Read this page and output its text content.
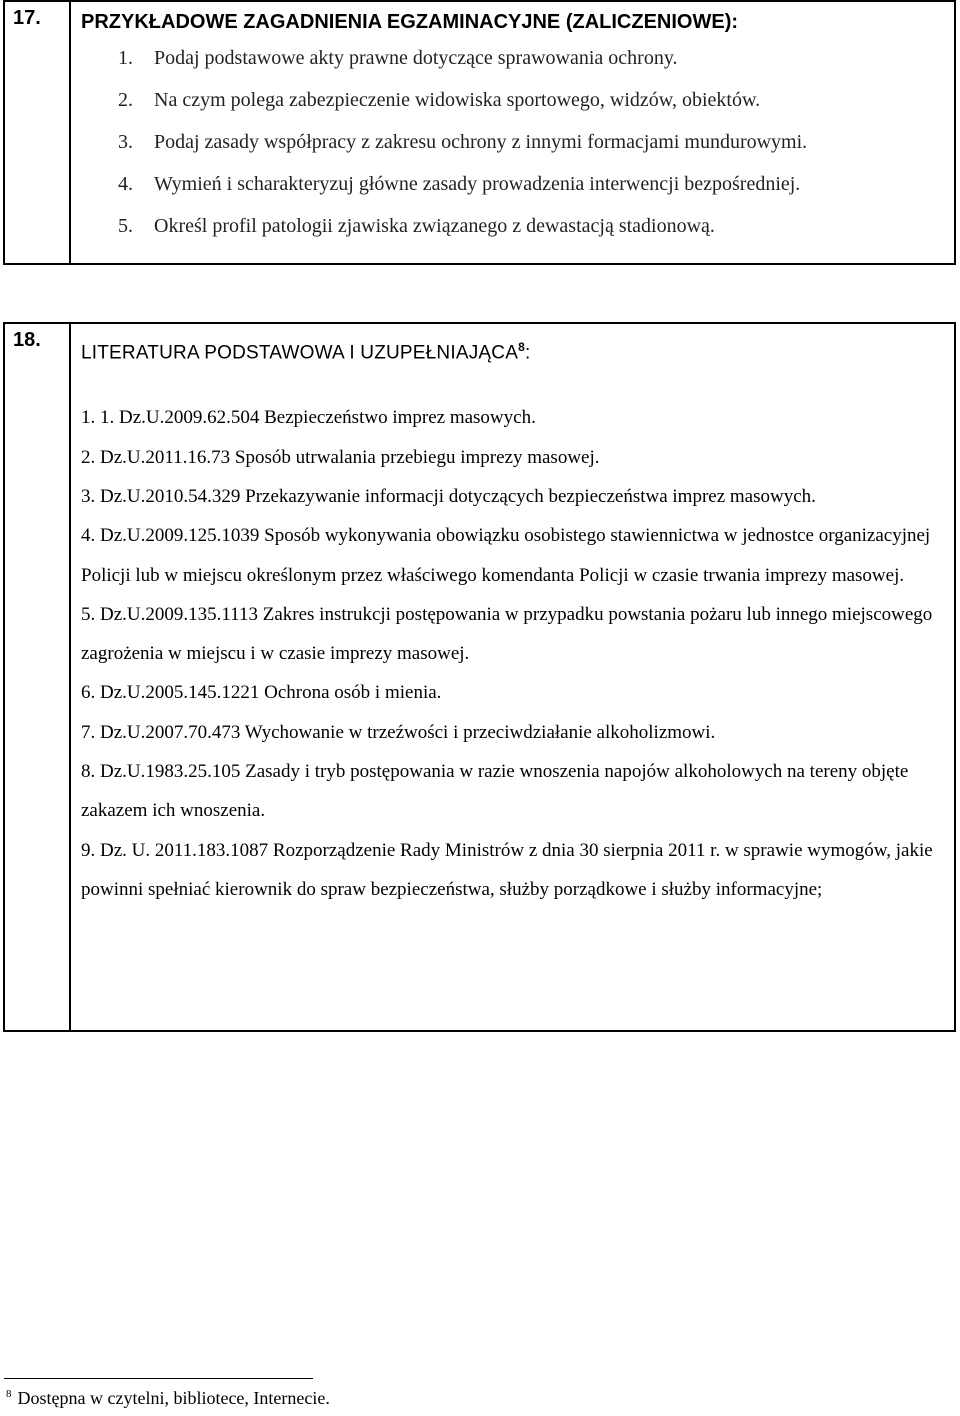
17.	PRZYKŁADOWE ZAGADNIENIA EGZAMINACYJNE (ZALICZENIOWE):
1. Podaj podstawowe akty prawne dotyczące sprawowania ochrony.
2. Na czym polega zabezpieczenie widowiska sportowego, widzów, obiektów.
3. Podaj zasady współpracy z zakresu ochrony z innymi formacjami mundurowymi.
4. Wymień i scharakteryzuj główne zasady prowadzenia interwencji bezpośredniej.
5. Określ profil patologii zjawiska związanego z dewastacją stadionową.
18.	
LITERATURA PODSTAWOWA I UZUPEŁNIAJĄCA$^8$:
1. 1. Dz.U.2009.62.504 Bezpieczeństwo imprez masowych.
2. Dz.U.2011.16.73 Sposób utrwalania przebiegu imprezy masowej.
3. Dz.U.2010.54.329 Przekazywanie informacji dotyczących bezpieczeństwa imprez masowych.
4. Dz.U.2009.125.1039 Sposób wykonywania obowiązku osobistego stawiennictwa w jednostce organizacyjnej Policji lub w miejscu określonym przez właściwego komendanta Policji w czasie trwania imprezy masowej.
5. Dz.U.2009.135.1113 Zakres instrukcji postępowania w przypadku powstania pożaru lub innego miejscowego zagrożenia w miejscu i w czasie imprezy masowej.
6. Dz.U.2005.145.1221 Ochrona osób i mienia.
7. Dz.U.2007.70.473 Wychowanie w trzeźwości i przeciwdziałanie alkoholizmowi.
8. Dz.U.1983.25.105 Zasady i tryb postępowania w razie wnoszenia napojów alkoholowych na tereny objęte zakazem ich wnoszenia.
9. Dz. U. 2011.183.1087 Rozporządzenie Rady Ministrów z dnia 30 sierpnia 2011 r. w sprawie wymogów, jakie powinni spełniać kierownik do spraw bezpieczeństwa, służby porządkowe i służby informacyjne;
$^8$ Dostępna w czytelni, bibliotece, Internecie.
